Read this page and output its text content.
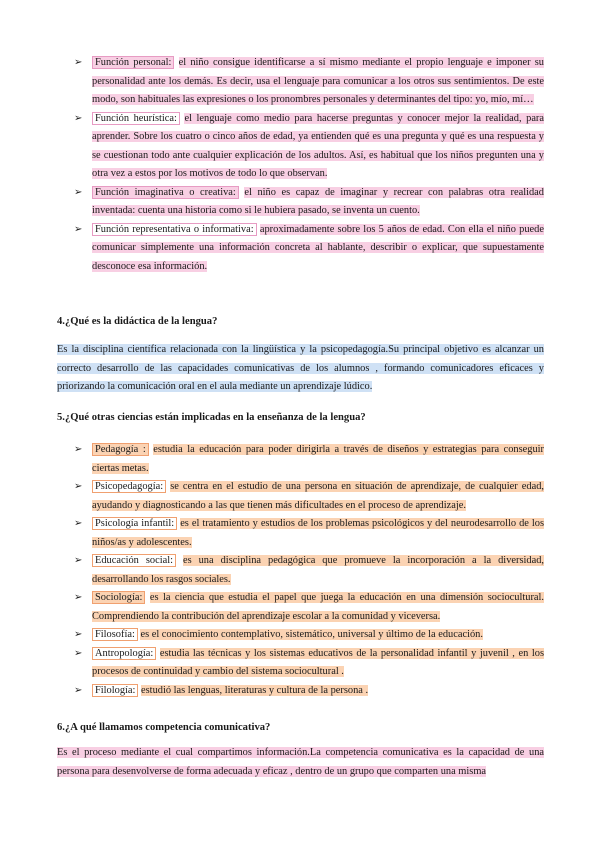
➢ Función personal: el niño consigue identificarse a sí mismo mediante el propio lenguaje e imponer su personalidad ante los demás. Es decir, usa el lenguaje para comunicar a los otros sus sentimientos. De este modo, son habituales las expresiones o los pronombres personales y determinantes del tipo: yo, mío, mí…
➢ Función heurística: el lenguaje como medio para hacerse preguntas y conocer mejor la realidad, para aprender. Sobre los cuatro o cinco años de edad, ya entienden qué es una pregunta y qué es una respuesta y se cuestionan todo ante cualquier explicación de los adultos. Así, es habitual que los niños pregunten una y otra vez a estos por los motivos de todo lo que observan.
➢ Función imaginativa o creativa: el niño es capaz de imaginar y recrear con palabras otra realidad inventada: cuenta una historia como si le hubiera pasado, se inventa un cuento.
➢ Función representativa o informativa: aproximadamente sobre los 5 años de edad. Con ella el niño puede comunicar simplemente una información concreta al hablante, describir o explicar, que supuestamente desconoce esa información.
4.¿Qué es la didáctica de la lengua?
Es la disciplina científica relacionada con la lingüística y la psicopedagogía.Su principal objetivo es alcanzar un correcto desarrollo de las capacidades comunicativas de los alumnos , formando comunicadores eficaces y priorizando la comunicación oral en el aula mediante un aprendizaje lúdico.
5.¿Qué otras ciencias están implicadas en la enseñanza de la lengua?
➢ Pedagogía : estudia la educación para poder dirigirla a través de diseños y estrategias para conseguir ciertas metas.
➢ Psicopedagogía: se centra en el estudio de una persona en situación de aprendizaje, de cualquier edad, ayudando y diagnosticando a las que tienen más dificultades en el proceso de aprendizaje.
➢ Psicología infantil: es el tratamiento y estudios de los problemas psicológicos y del neurodesarrollo de los niños/as y adolescentes.
➢ Educación social: es una disciplina pedagógica que promueve la incorporación a la diversidad, desarrollando los rasgos sociales.
➢ Sociología: es la ciencia que estudia el papel que juega la educación en una dimensión sociocultural. Comprendiendo la contribución del aprendizaje escolar a la comunidad y viceversa.
➢ Filosofía: es el conocimiento contemplativo, sistemático, universal y último de la educación.
➢ Antropología: estudia las técnicas y los sistemas educativos de la personalidad infantil y juvenil , en los procesos de continuidad y cambio del sistema sociocultural .
➢ Filología: estudió las lenguas, literaturas y cultura de la persona .
6.¿A qué llamamos competencia comunicativa?
Es el proceso mediante el cual compartimos información.La competencia comunicativa es la capacidad de una persona para desenvolverse de forma adecuada y eficaz , dentro de un grupo que comparten una misma
